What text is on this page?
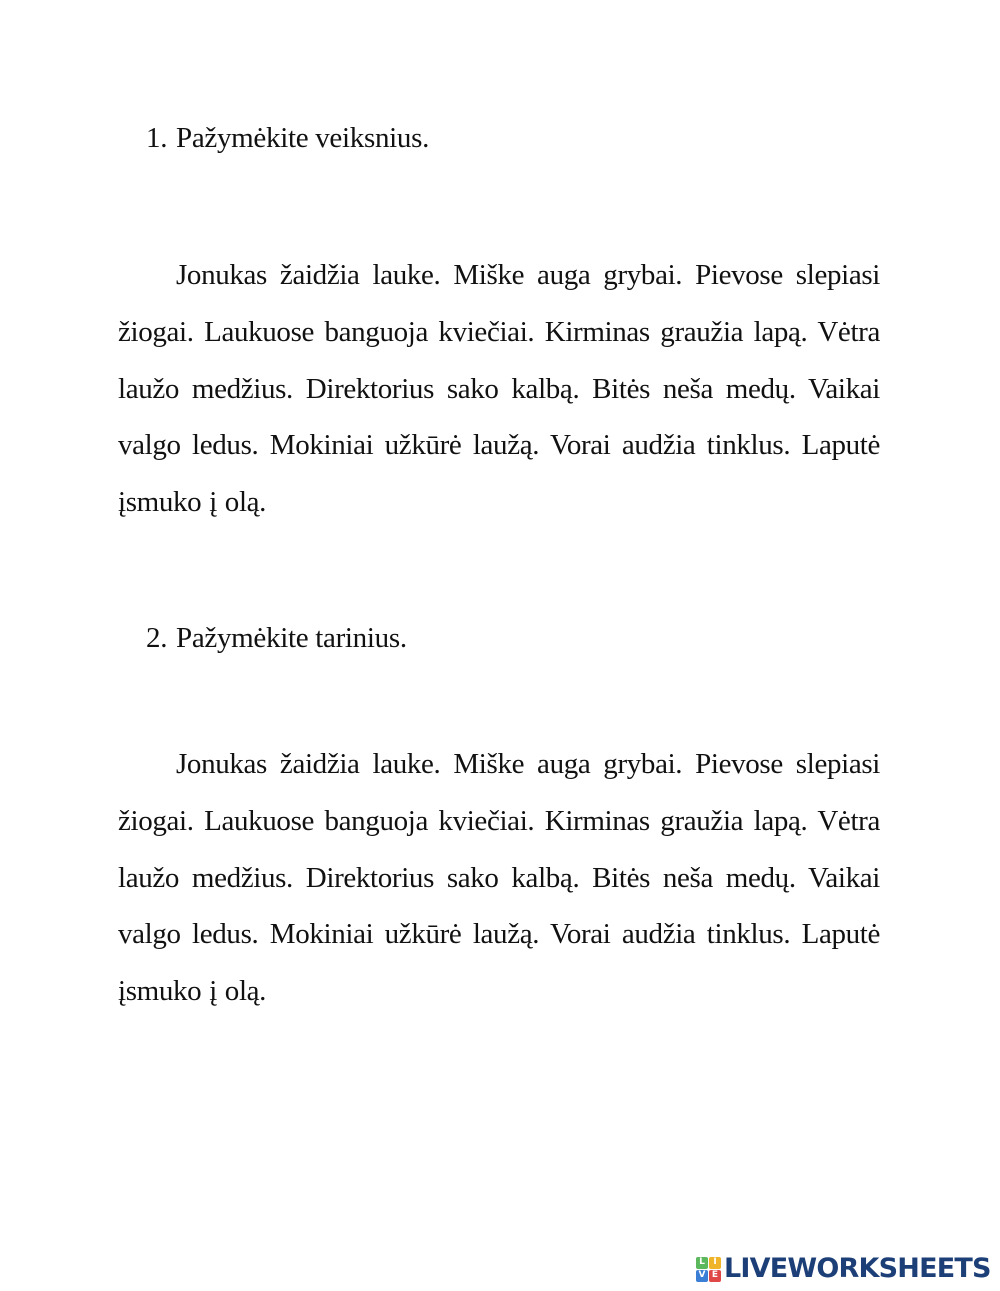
1. Pažymėkite veiksnius.
Jonukas žaidžia lauke. Miške auga grybai. Pievose slepiasi žiogai. Laukuose banguoja kviečiai. Kirminas graužia lapą. Vėtra laužo medžius. Direktorius sako kalbą. Bitės neša medų. Vaikai valgo ledus. Mokiniai užkūrė laužą. Vorai audžia tinklus. Laputė įsmuko į olą.
2. Pažymėkite tarinius.
Jonukas žaidžia lauke. Miške auga grybai. Pievose slepiasi žiogai. Laukuose banguoja kviečiai. Kirminas graužia lapą. Vėtra laužo medžius. Direktorius sako kalbą. Bitės neša medų. Vaikai valgo ledus. Mokiniai užkūrė laužą. Vorai audžia tinklus. Laputė įsmuko į olą.
L I
V E LIVEWORKSHEETS
